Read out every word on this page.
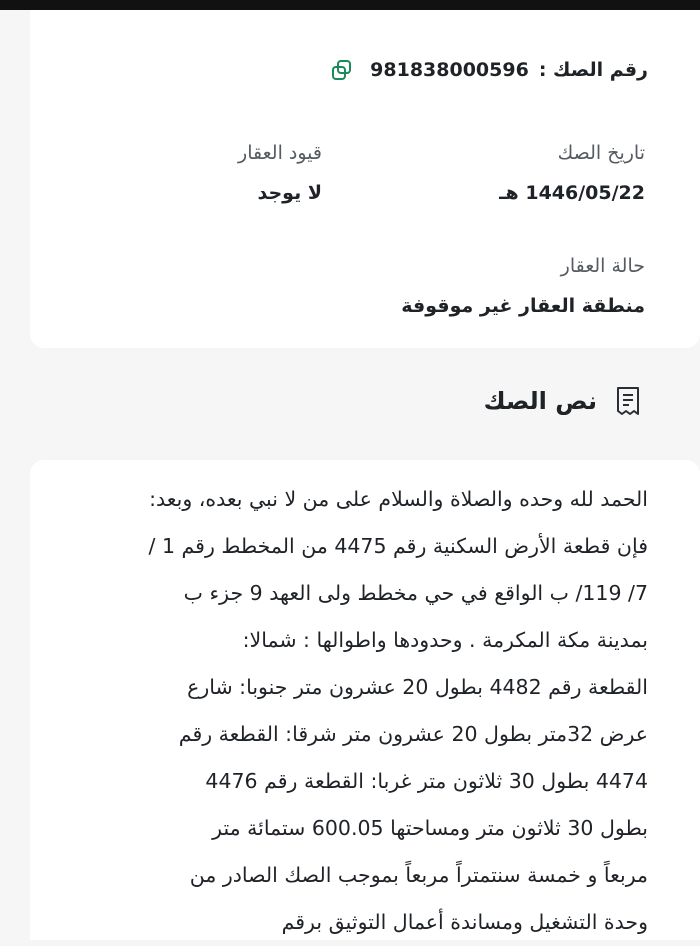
رقم الصك :
981838000596
تاريخ الصك
1446/05/22 هـ
قيود العقار
لا يوجد
حالة العقار
منطقة العقار غير موقوفة
نص الصك
الحمد لله وحده والصلاة والسلام على من لا نبي بعده، وبعد:
فإن قطعة الأرض السكنية رقم 4475 من المخطط رقم 1 /
7/ 119/ ب الواقع في حي مخطط ولى العهد 9 جزء ب
بمدينة مكة المكرمة . وحدودها واطوالها : شمالا:
القطعة رقم 4482 بطول 20 عشرون متر جنوبا: شارع
عرض 32متر بطول 20 عشرون متر شرقا: القطعة رقم
4474 بطول 30 ثلاثون متر غربا: القطعة رقم 4476
بطول 30 ثلاثون متر ومساحتها 600.05 ستمائة متر
مربعاً و خمسة سنتمتراً مربعاً بموجب الصك الصادر من
وحدة التشغيل ومساندة أعمال التوثيق برقم
